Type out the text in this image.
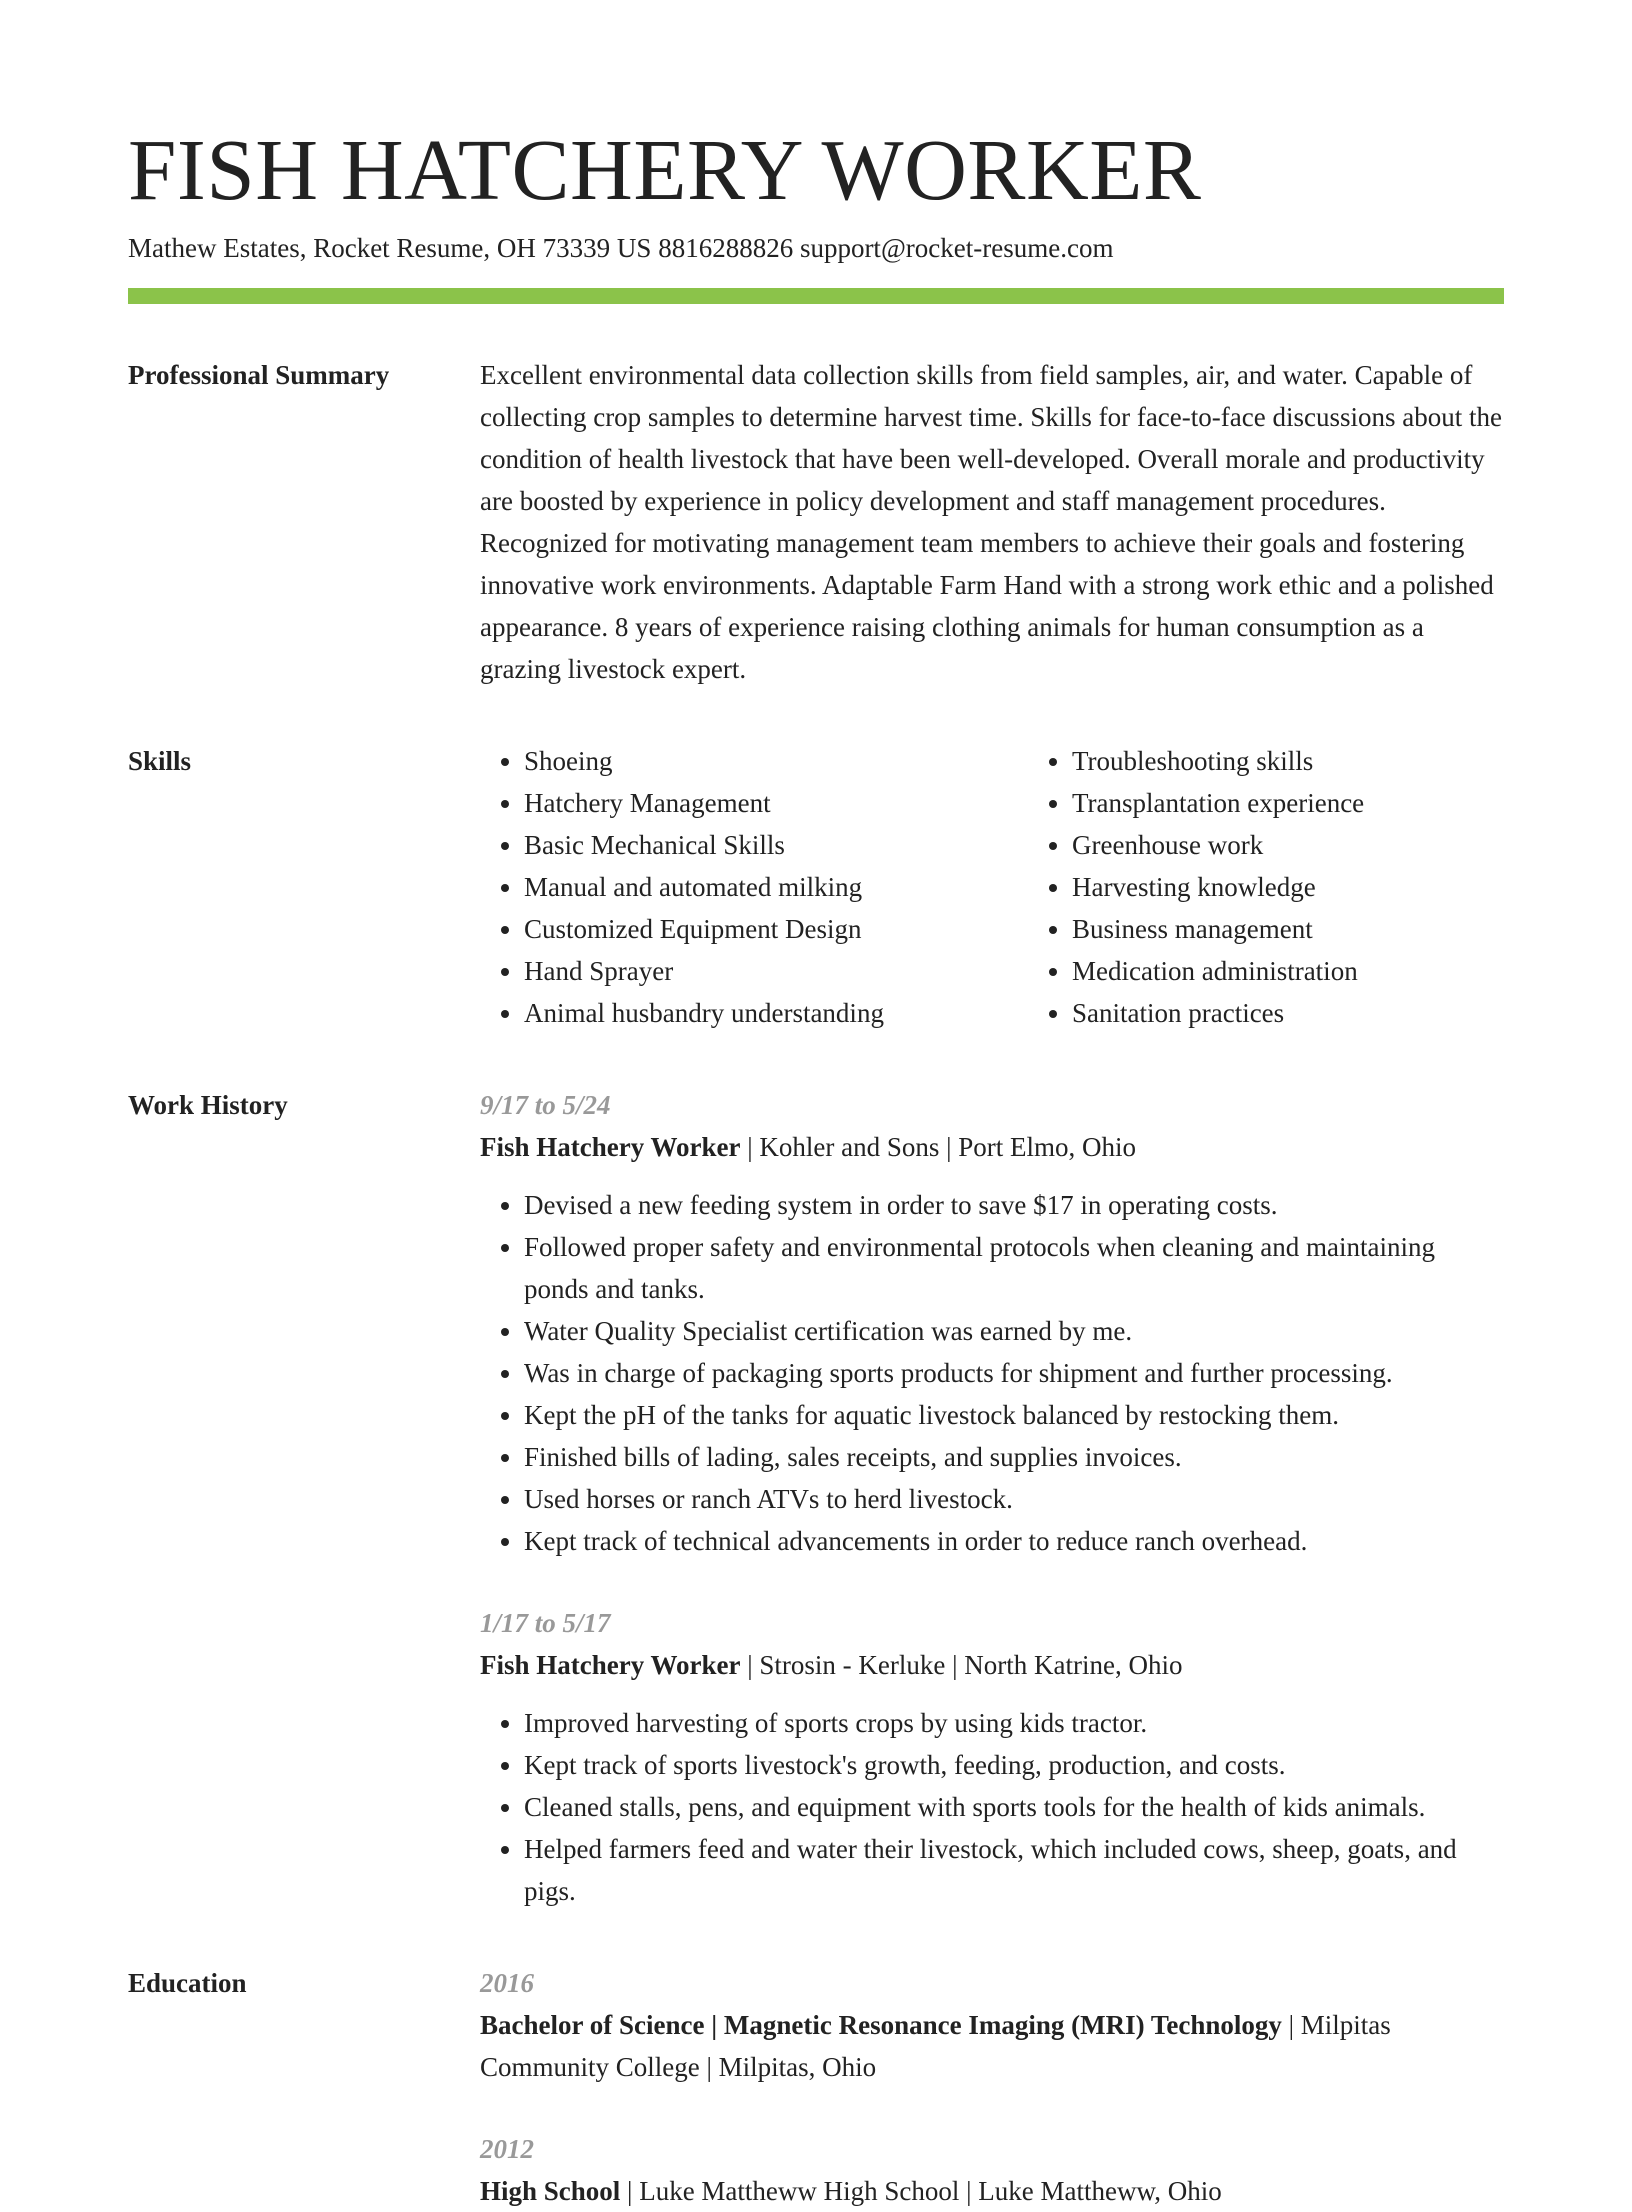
FISH HATCHERY WORKER
Mathew Estates, Rocket Resume, OH 73339 US 8816288826 support@rocket-resume.com
Professional Summary	Excellent environmental data collection skills from field samples, air, and water. Capable of collecting crop samples to determine harvest time. Skills for face-to-face discussions about the condition of health livestock that have been well-developed. Overall morale and productivity are boosted by experience in policy development and staff management procedures. Recognized for motivating management team members to achieve their goals and fostering innovative work environments. Adaptable Farm Hand with a strong work ethic and a polished appearance. 8 years of experience raising clothing animals for human consumption as a grazing livestock expert.

Skills
•	Shoeing
• Hatchery Management
• Basic Mechanical Skills
• Manual and automated milking
• Customized Equipment Design
• Hand Sprayer
• Animal husbandry understanding
• Troubleshooting skills
• Transplantation experience
• Greenhouse work
• Harvesting knowledge
• Business management
• Medication administration
• Sanitation practices
Work History	9/17 to 5/24
Fish Hatchery Worker | Kohler and Sons | Port Elmo, Ohio
• Devised a new feeding system in order to save $17 in operating costs.
• Followed proper safety and environmental protocols when cleaning and maintaining ponds and tanks.
• Water Quality Specialist certification was earned by me.
• Was in charge of packaging sports products for shipment and further processing.
• Kept the pH of the tanks for aquatic livestock balanced by restocking them.
• Finished bills of lading, sales receipts, and supplies invoices.
• Used horses or ranch ATVs to herd livestock.
• Kept track of technical advancements in order to reduce ranch overhead.
1/17 to 5/17
Fish Hatchery Worker | Strosin - Kerluke | North Katrine, Ohio
• Improved harvesting of sports crops by using kids tractor.
• Kept track of sports livestock's growth, feeding, production, and costs.
• Cleaned stalls, pens, and equipment with sports tools for the health of kids animals.
• Helped farmers feed and water their livestock, which included cows, sheep, goats, and pigs.
Education	2016
Bachelor of Science | Magnetic Resonance Imaging (MRI) Technology | Milpitas Community College | Milpitas, Ohio
2012
High School | Luke Mattheww High School | Luke Mattheww, Ohio
